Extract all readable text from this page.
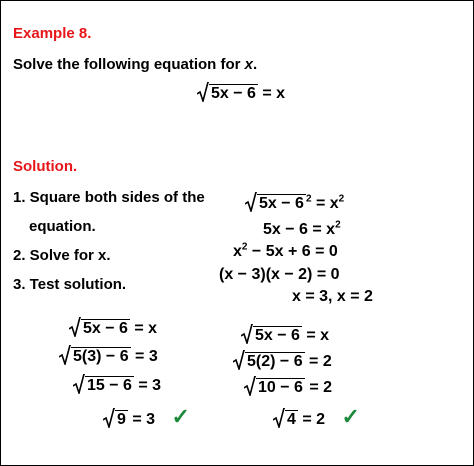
Example 8.
Solve the following equation for x.
5x − 6 = x
Solution.
1. Square both sides of the
equation.
2. Solve for x.
3. Test solution.
5x − 6 $^2 = x^2$
$5x - 6 = x^2$
$x^2 - 5x + 6 = 0$
(x − 3)(x − 2) = 0
x = 3, x = 2
5x − 6 = x
5(3) − 6 = 3
15 − 6 = 3
9 = 3 ✓
5x − 6 = x
5(2) − 6 = 2
10 − 6 = 2
4 = 2 ✓
